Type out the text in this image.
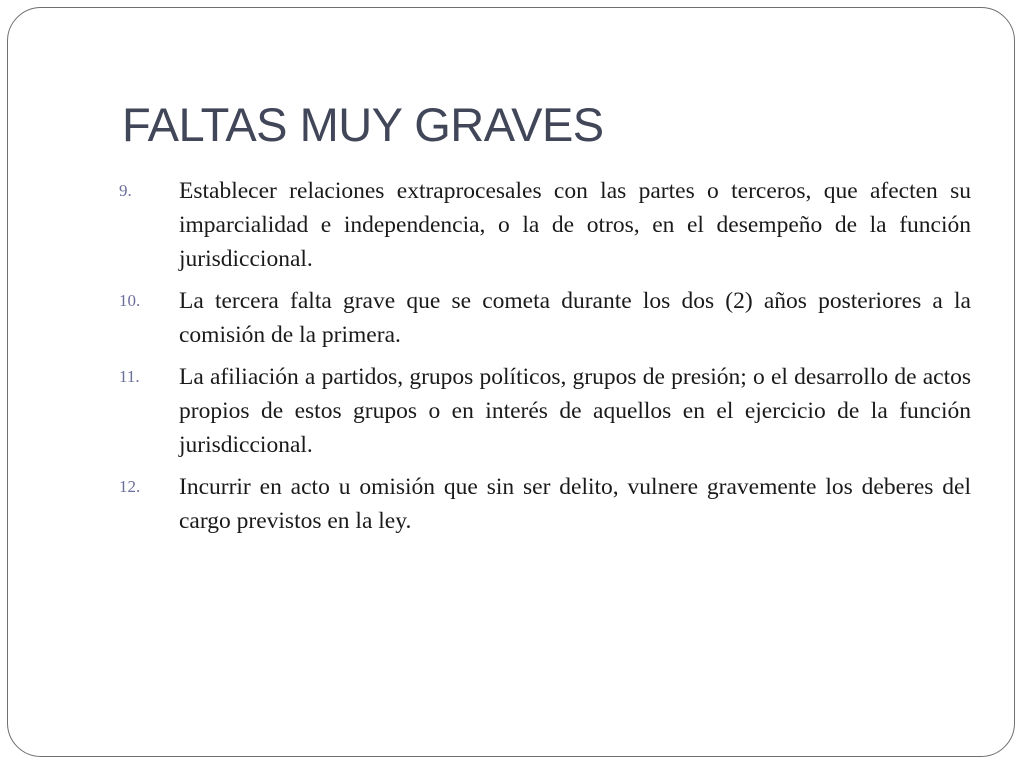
FALTAS MUY GRAVES
9.	Establecer relaciones extraprocesales con las partes o terceros, que afecten su imparcialidad e independencia, o la de otros, en el desempeño de la función jurisdiccional.
10.	La tercera falta grave que se cometa durante los dos (2) años posteriores a la comisión de la primera.
11.	La afiliación a partidos, grupos políticos, grupos de presión; o el desarrollo de actos propios de estos grupos o en interés de aquellos en el ejercicio de la función jurisdiccional.
12.	Incurrir en acto u omisión que sin ser delito, vulnere gravemente los deberes del cargo previstos en la ley.
